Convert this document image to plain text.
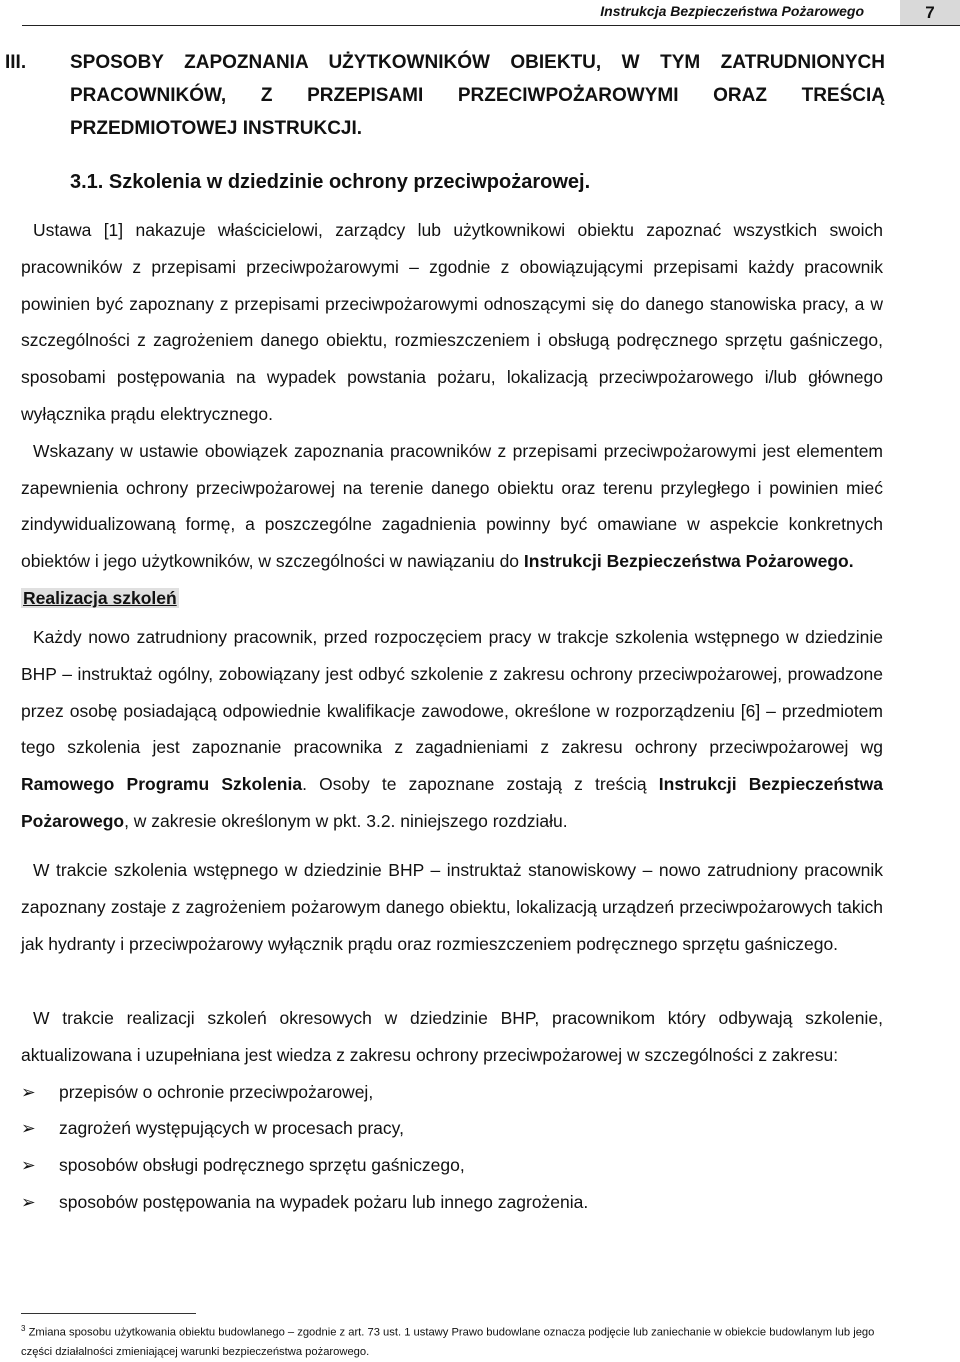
Instrukcja Bezpieczeństwa Pożarowego	7
III. SPOSOBY ZAPOZNANIA UŻYTKOWNIKÓW OBIEKTU, W TYM ZATRUDNIONYCH PRACOWNIKÓW, Z PRZEPISAMI PRZECIWPOŻAROWYMI ORAZ TREŚCIĄ PRZEDMIOTOWEJ INSTRUKCJI.
3.1. Szkolenia w dziedzinie ochrony przeciwpożarowej.

Ustawa [1] nakazuje właścicielowi, zarządcy lub użytkownikowi obiektu zapoznać wszystkich swoich pracowników z przepisami przeciwpożarowymi – zgodnie z obowiązującymi przepisami każdy pracownik powinien być zapoznany z przepisami przeciwpożarowymi odnoszącymi się do danego stanowiska pracy, a w szczególności z zagrożeniem danego obiektu, rozmieszczeniem i obsługą podręcznego sprzętu gaśniczego, sposobami postępowania na wypadek powstania pożaru, lokalizacją przeciwpożarowego i/lub głównego wyłącznika prądu elektrycznego.

Wskazany w ustawie obowiązek zapoznania pracowników z przepisami przeciwpożarowymi jest elementem zapewnienia ochrony przeciwpożarowej na terenie danego obiektu oraz terenu przyległego i powinien mieć zindywidualizowaną formę, a poszczególne zagadnienia powinny być omawiane w aspekcie konkretnych obiektów i jego użytkowników, w szczególności w nawiązaniu do Instrukcji Bezpieczeństwa Pożarowego.

Realizacja szkoleń

Każdy nowo zatrudniony pracownik, przed rozpoczęciem pracy w trakcje szkolenia wstępnego w dziedzinie BHP – instruktaż ogólny, zobowiązany jest odbyć szkolenie z zakresu ochrony przeciwpożarowej, prowadzone przez osobę posiadającą odpowiednie kwalifikacje zawodowe, określone w rozporządzeniu [6] – przedmiotem tego szkolenia jest zapoznanie pracownika z zagadnieniami z zakresu ochrony przeciwpożarowej wg Ramowego Programu Szkolenia. Osoby te zapoznane zostają z treścią Instrukcji Bezpieczeństwa Pożarowego, w zakresie określonym w pkt. 3.2. niniejszego rozdziału.

W trakcie szkolenia wstępnego w dziedzinie BHP – instruktaż stanowiskowy – nowo zatrudniony pracownik zapoznany zostaje z zagrożeniem pożarowym danego obiektu, lokalizacją urządzeń przeciwpożarowych takich jak hydranty i przeciwpożarowy wyłącznik prądu oraz rozmieszczeniem podręcznego sprzętu gaśniczego.

W trakcie realizacji szkoleń okresowych w dziedzinie BHP, pracownikom który odbywają szkolenie, aktualizowana i uzupełniana jest wiedza z zakresu ochrony przeciwpożarowej w szczególności z zakresu:

➢ przepisów o ochronie przeciwpożarowej,
➢ zagrożeń występujących w procesach pracy,
➢ sposobów obsługi podręcznego sprzętu gaśniczego,
➢ sposobów postępowania na wypadek pożaru lub innego zagrożenia.
$^3$ Zmiana sposobu użytkowania obiektu budowlanego – zgodnie z art. 73 ust. 1 ustawy Prawo budowlane oznacza podjęcie lub zaniechanie w obiekcie budowlanym lub jego części działalności zmieniającej warunki bezpieczeństwa pożarowego.
